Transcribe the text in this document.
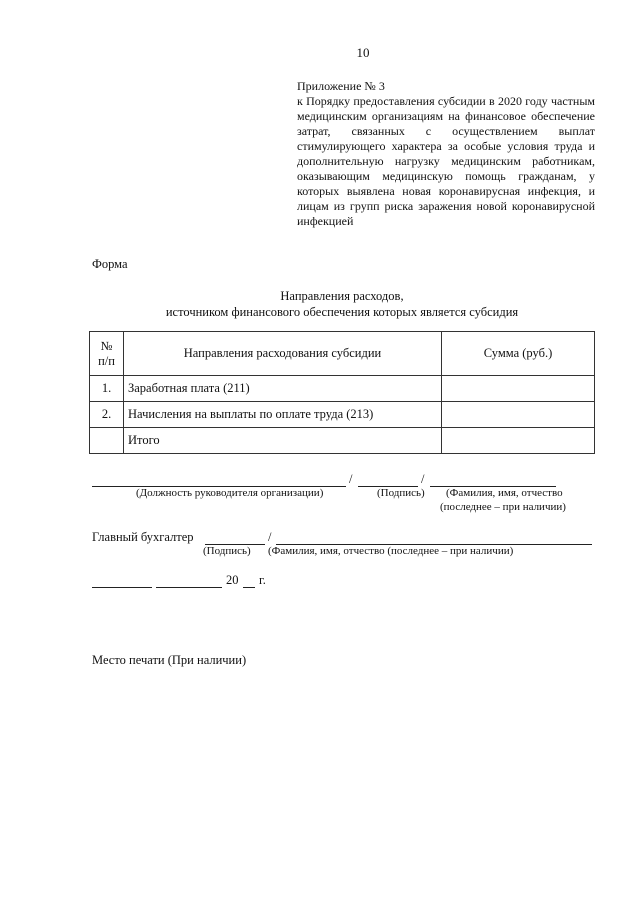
10
Приложение № 3
к Порядку предоставления субсидии в 2020 году частным медицинским организациям на финансовое обеспечение затрат, связанных с осуществлением выплат стимулирующего характера за особые условия труда и дополнительную нагрузку медицинским работникам, оказывающим медицинскую помощь гражданам, у которых выявлена новая коронавирусная инфекция, и лицам из групп риска заражения новой коронавирусной инфекцией
Форма
Направления расходов,
источником финансового обеспечения которых является субсидия
№
п/п	Направления расходования субсидии	Сумма (руб.)
1.	Заработная плата (211)	
2.	Начисления на выплаты по оплате труда (213)	
	Итого	
/	/
(Должность руководителя организации)	(Подпись) (Фамилия, имя, отчество
(последнее – при наличии)
Главный бухгалтер	/
(Подпись) (Фамилия, имя, отчество (последнее – при наличии)
20 г.
Место печати (При наличии)
